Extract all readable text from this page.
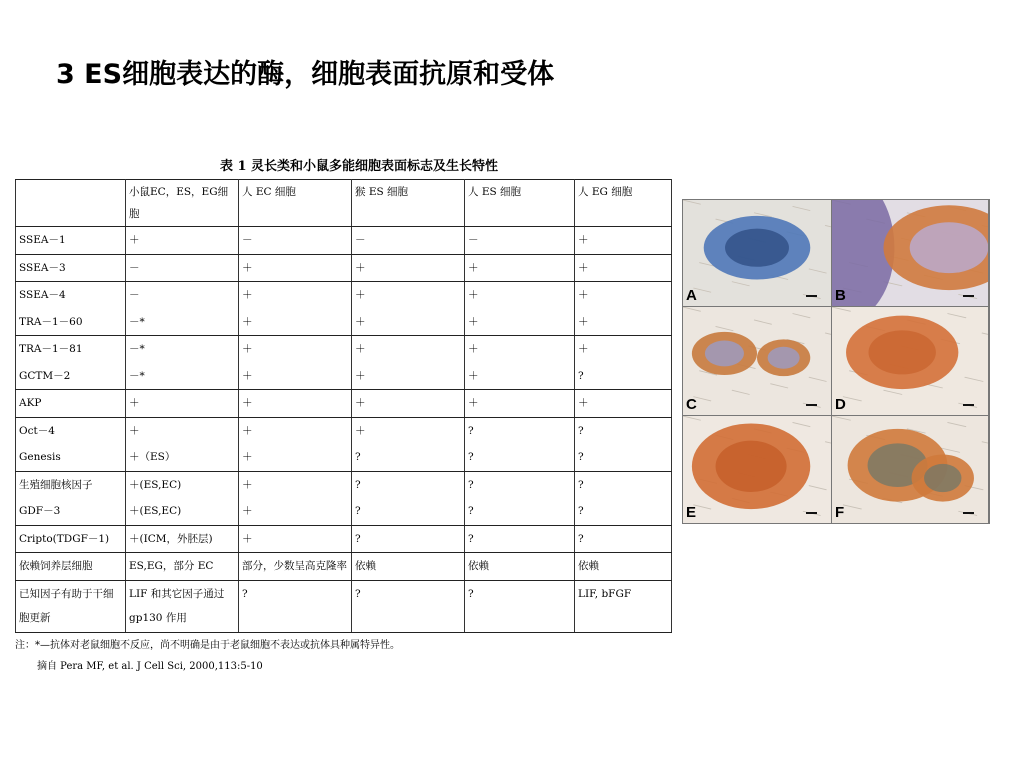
3 ES细胞表达的酶，细胞表面抗原和受体
表 1 灵长类和小鼠多能细胞表面标志及生长特性
	小鼠EC，ES，EG细胞	人 EC 细胞	猴 ES 细胞	人 ES 细胞	人 EG 细胞
SSEA－1	＋	－	－	－	＋
SSEA－3	－	＋	＋	＋	＋
SSEA－4	－	＋	＋	＋	＋
TRA－1－60	－*	＋	＋	＋	＋
TRA－1－81	－*	＋	＋	＋	＋
GCTM－2	－*	＋	＋	＋	?
AKP	＋	＋	＋	＋	＋
Oct－4	＋	＋	＋	?	?
Genesis	＋（ES）	＋	?	?	?
生殖细胞核因子	＋(ES,EC)	＋	?	?	?
GDF－3	＋(ES,EC)	＋	?	?	?
Cripto(TDGF－1)	＋(ICM，外胚层)	＋	?	?	?
依赖饲养层细胞	ES,EG，部分 EC	部分，少数呈高克隆率	依赖	依赖	依赖
已知因子有助于干细胞更新	LIF 和其它因子通过 gp130 作用	?	?	?	LIF, bFGF
注：*—抗体对老鼠细胞不反应，尚不明确是由于老鼠细胞不表达或抗体具种属特异性。
摘自 Pera MF, et al. J Cell Sci, 2000,113:5-10
A	B
C	D
E	F
